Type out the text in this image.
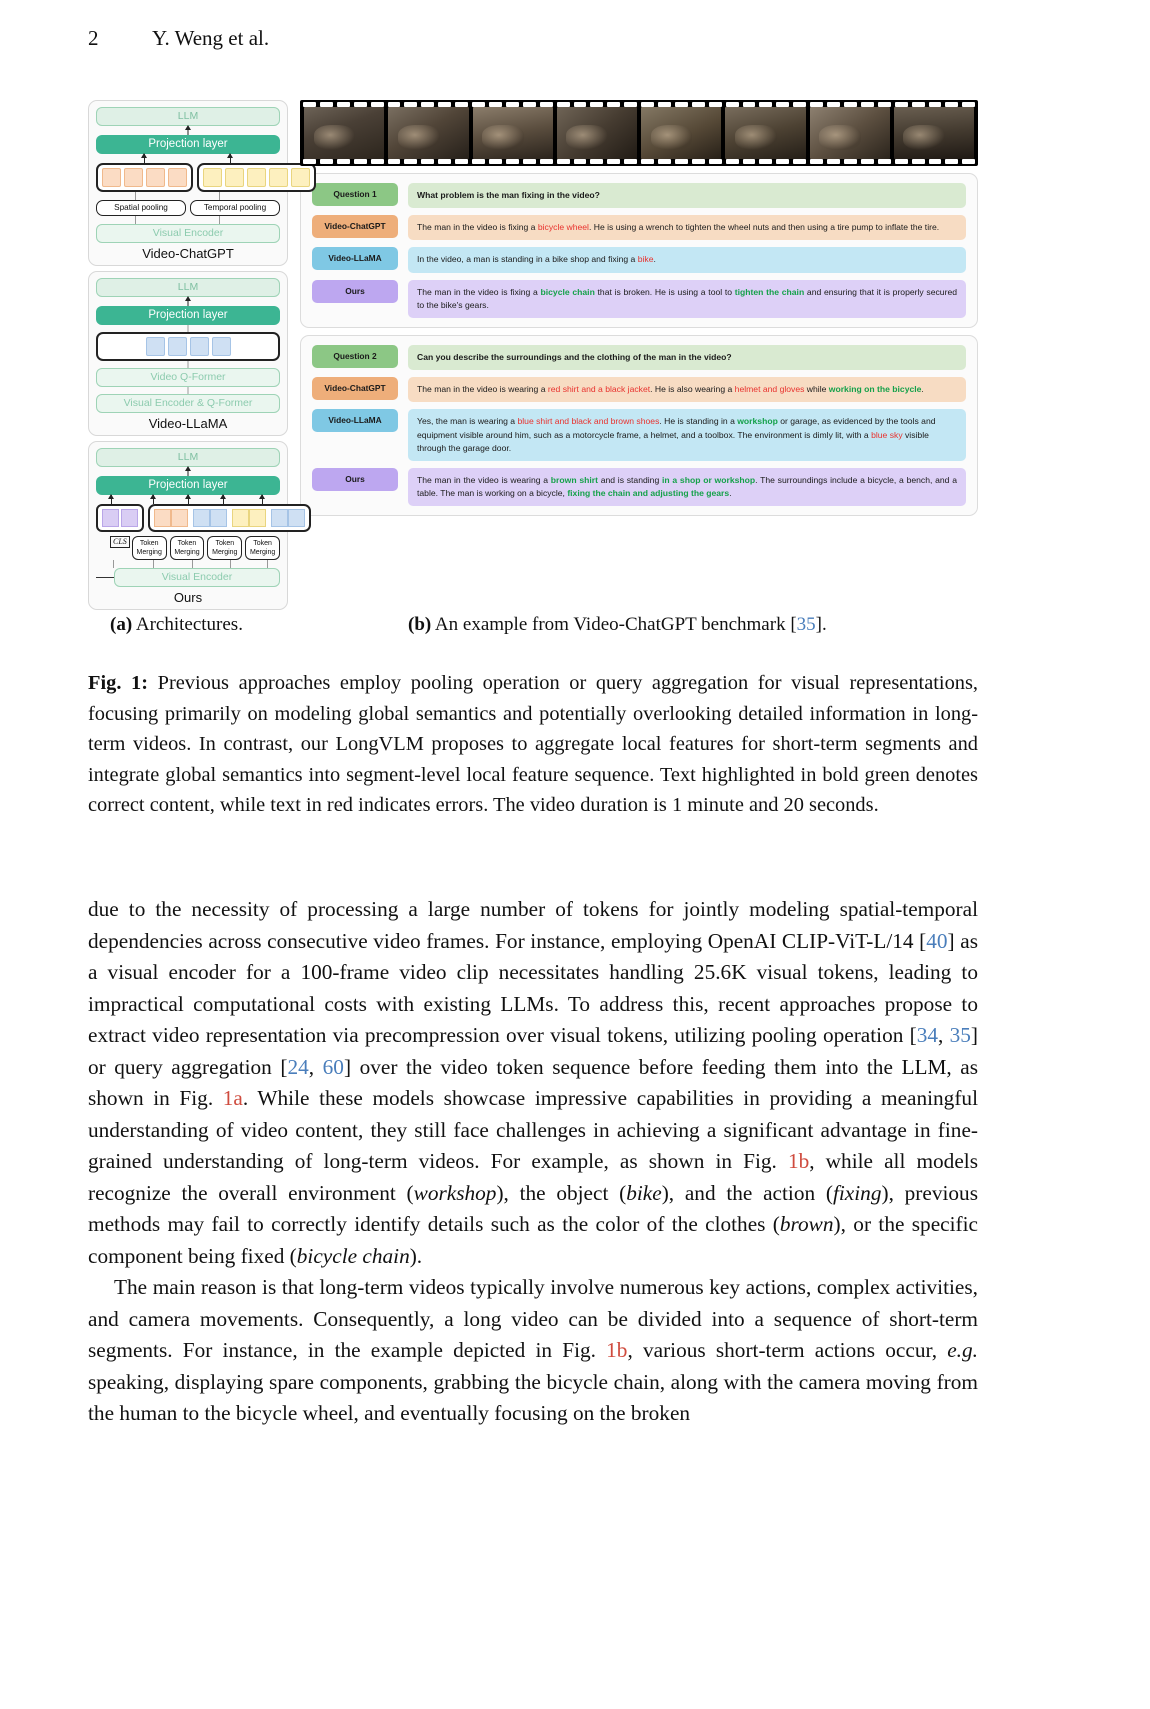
2	Y. Weng et al.
LLM
Projection layer
Spatial pooling	Temporal pooling
Visual Encoder
Video-ChatGPT
LLM
Projection layer
Video Q-Former
Visual Encoder & Q-Former
Video-LLaMA
LLM
Projection layer
CLS	Token Merging
Token Merging
Token Merging
Token Merging
Visual Encoder
Ours
Question 1	What problem is the man fixing in the video?
Video-ChatGPT	The man in the video is fixing a bicycle wheel. He is using a wrench to tighten the wheel nuts and then using a tire pump to inflate the tire.
Video-LLaMA	In the video, a man is standing in a bike shop and fixing a bike.
Ours	The man in the video is fixing a bicycle chain that is broken. He is using a tool to tighten the chain and ensuring that it is properly secured to the bike's gears.
Question 2	Can you describe the surroundings and the clothing of the man in the video?
Video-ChatGPT	The man in the video is wearing a red shirt and a black jacket. He is also wearing a helmet and gloves while working on the bicycle.
Video-LLaMA	Yes, the man is wearing a blue shirt and black and brown shoes. He is standing in a workshop or garage, as evidenced by the tools and equipment visible around him, such as a motorcycle frame, a helmet, and a toolbox. The environment is dimly lit, with a blue sky visible through the garage door.
Ours	The man in the video is wearing a brown shirt and is standing in a shop or workshop. The surroundings include a bicycle, a bench, and a table. The man is working on a bicycle, fixing the chain and adjusting the gears.
(a) Architectures.	(b) An example from Video-ChatGPT benchmark [35].
Fig. 1: Previous approaches employ pooling operation or query aggregation for visual representations, focusing primarily on modeling global semantics and potentially overlooking detailed information in long-term videos. In contrast, our LongVLM proposes to aggregate local features for short-term segments and integrate global semantics into segment-level local feature sequence. Text highlighted in bold green denotes correct content, while text in red indicates errors. The video duration is 1 minute and 20 seconds.

due to the necessity of processing a large number of tokens for jointly modeling spatial-temporal dependencies across consecutive video frames. For instance, employing OpenAI CLIP-ViT-L/14 [40] as a visual encoder for a 100-frame video clip necessitates handling 25.6K visual tokens, leading to impractical computational costs with existing LLMs. To address this, recent approaches propose to extract video representation via precompression over visual tokens, utilizing pooling operation [34, 35] or query aggregation [24, 60] over the video token sequence before feeding them into the LLM, as shown in Fig. 1a. While these models showcase impressive capabilities in providing a meaningful understanding of video content, they still face challenges in achieving a significant advantage in fine-grained understanding of long-term videos. For example, as shown in Fig. 1b, while all models recognize the overall environment (workshop), the object (bike), and the action (fixing), previous methods may fail to correctly identify details such as the color of the clothes (brown), or the specific component being fixed (bicycle chain).

The main reason is that long-term videos typically involve numerous key actions, complex activities, and camera movements. Consequently, a long video can be divided into a sequence of short-term segments. For instance, in the example depicted in Fig. 1b, various short-term actions occur, e.g. speaking, displaying spare components, grabbing the bicycle chain, along with the camera moving from the human to the bicycle wheel, and eventually focusing on the broken
